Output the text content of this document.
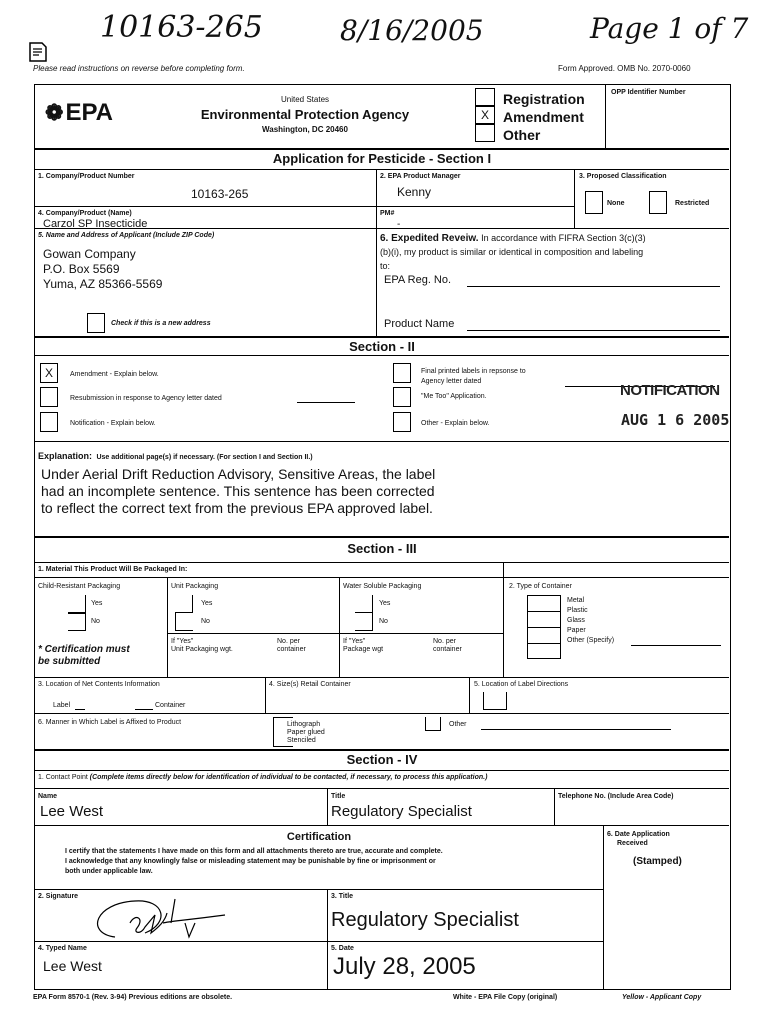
10163-265	8/16/2005	Page 1 of 7
Please read instructions on reverse before completing form.	Form Approved. OMB No. 2070-0060
❁ EPA	United States
Environmental Protection Agency
Washington, DC 20460
X
Registration
Amendment
Other
OPP Identifier Number
Application for Pesticide - Section I
1. Company/Product Number
10163-265
2. EPA Product Manager
Kenny
3. Proposed Classification
None	Restricted
4. Company/Product (Name)
Carzol SP Insecticide
PM#
-
5. Name and Address of Applicant (Include ZIP Code)
Gowan Company
P.O. Box 5569
Yuma, AZ 85366-5569
Check if this is a new address
6. Expedited Reveiw. In accordance with FIFRA Section 3(c)(3)
(b)(i), my product is similar or identical in composition and labeling
to:
EPA Reg. No.
Product Name
Section - II
X	Amendment - Explain below.
Resubmission in response to Agency letter dated
Notification - Explain below.
Final printed labels in repsonse to
Agency letter dated
"Me Too" Application.
Other - Explain below.
NOTIFICATION
AUG 1 6 2005
Explanation: Use additional page(s) if necessary. (For section I and Section II.)
Under Aerial Drift Reduction Advisory, Sensitive Areas, the label
had an incomplete sentence. This sentence has been corrected
to reflect the correct text from the previous EPA approved label.
Section - III
1. Material This Product Will Be Packaged In:
Child-Resistant Packaging
Yes
No
* Certification must
be submitted
Unit Packaging
Yes
No
If "Yes"
Unit Packaging wgt.
No. per
container
Water Soluble Packaging
Yes
No
If "Yes"
Package wgt
No. per
container
2. Type of Container
Metal
Plastic
Glass
Paper
Other (Specify)
3. Location of Net Contents Information
Label	Container
4. Size(s) Retail Container	5. Location of Label Directions
6. Manner in Which Label is Affixed to Product	Lithograph
Paper glued
Stenciled
Other
Section - IV
1. Contact Point (Complete items directly below for identification of individual to be contacted, if necessary, to process this application.)
Name
Lee West
Title
Regulatory Specialist
Telephone No. (Include Area Code)
Certification
I certify that the statements I have made on this form and all attachments thereto are true, accurate and complete.
I acknowledge that any knowlingly false or misleading statement may be punishable by fine or imprisonment or
both under applicable law.
6. Date Application
Received
(Stamped)
2. Signature	3. Title
Regulatory Specialist
4. Typed Name
Lee West
5. Date
July 28, 2005
EPA Form 8570-1 (Rev. 3-94) Previous editions are obsolete.	White - EPA File Copy (original)	Yellow - Applicant Copy
